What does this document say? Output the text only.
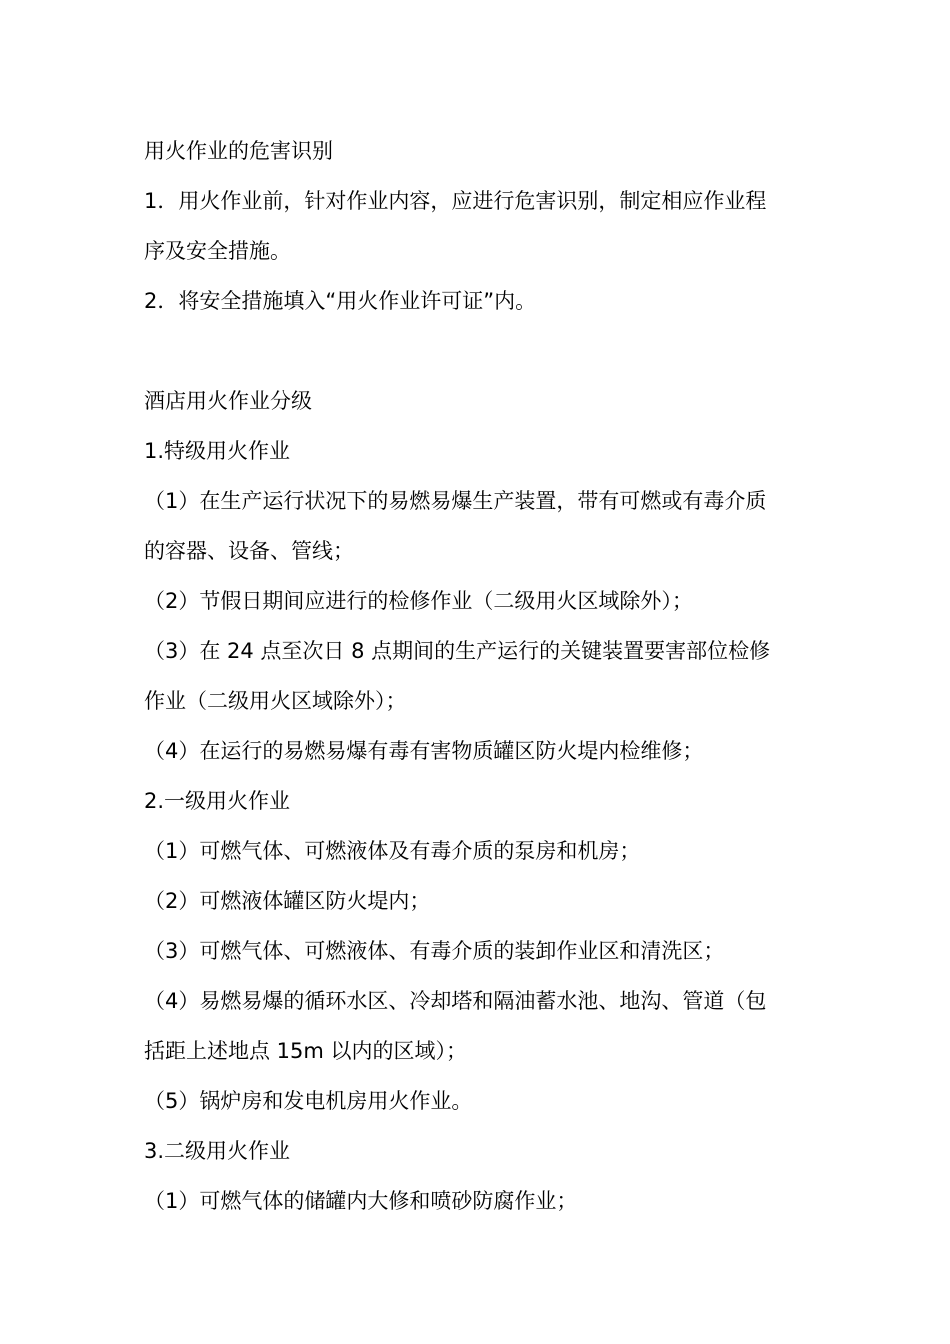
用火作业的危害识别
1．用火作业前，针对作业内容，应进行危害识别，制定相应作业程
序及安全措施。
2．将安全措施填入“用火作业许可证”内。
酒店用火作业分级
1.特级用火作业
（1）在生产运行状况下的易燃易爆生产装置，带有可燃或有毒介质
的容器、设备、管线；
（2）节假日期间应进行的检修作业（二级用火区域除外）；
（3）在 24 点至次日 8 点期间的生产运行的关键装置要害部位检修
作业（二级用火区域除外）；
（4）在运行的易燃易爆有毒有害物质罐区防火堤内检维修；
2.一级用火作业
（1）可燃气体、可燃液体及有毒介质的泵房和机房；
（2）可燃液体罐区防火堤内；
（3）可燃气体、可燃液体、有毒介质的装卸作业区和清洗区；
（4）易燃易爆的循环水区、冷却塔和隔油蓄水池、地沟、管道（包
括距上述地点 15m 以内的区域）；
（5）锅炉房和发电机房用火作业。
3.二级用火作业
（1）可燃气体的储罐内大修和喷砂防腐作业；
